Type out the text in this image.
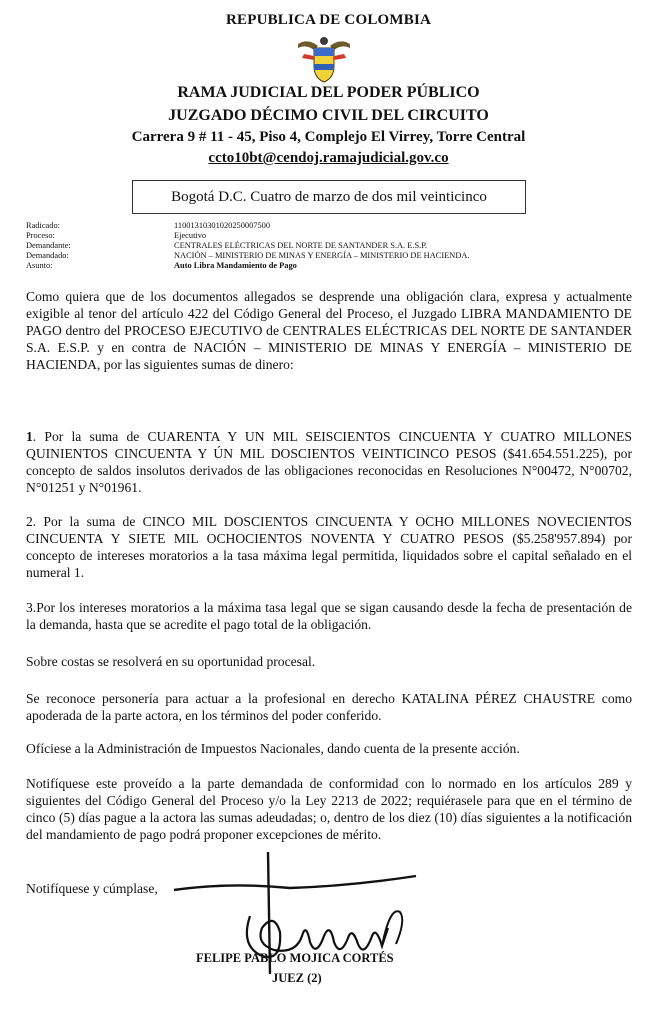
REPUBLICA DE COLOMBIA
RAMA JUDICIAL DEL PODER PÚBLICO
JUZGADO DÉCIMO CIVIL DEL CIRCUITO
Carrera 9 # 11 - 45, Piso 4, Complejo El Virrey, Torre Central
ccto10bt@cendoj.ramajudicial.gov.co
Bogotá D.C. Cuatro de marzo de dos mil veinticinco
Radicado:	11001310301020250007500
Proceso:	Ejecutivo
Demandante:	CENTRALES ELÉCTRICAS DEL NORTE DE SANTANDER S.A. E.S.P.
Demandado:	NACIÓN – MINISTERIO DE MINAS Y ENERGÍA – MINISTERIO DE HACIENDA.
Asunto:	Auto Libra Mandamiento de Pago
Como quiera que de los documentos allegados se desprende una obligación clara, expresa y actualmente exigible al tenor del artículo 422 del Código General del Proceso, el Juzgado LIBRA MANDAMIENTO DE PAGO dentro del PROCESO EJECUTIVO de CENTRALES ELÉCTRICAS DEL NORTE DE SANTANDER S.A. E.S.P. y en contra de NACIÓN – MINISTERIO DE MINAS Y ENERGÍA – MINISTERIO DE HACIENDA, por las siguientes sumas de dinero:
1. Por la suma de CUARENTA Y UN MIL SEISCIENTOS CINCUENTA Y CUATRO MILLONES QUINIENTOS CINCUENTA Y ÚN MIL DOSCIENTOS VEINTICINCO PESOS ($41.654.551.225), por concepto de saldos insolutos derivados de las obligaciones reconocidas en Resoluciones N°00472, N°00702, N°01251 y N°01961.
2. Por la suma de CINCO MIL DOSCIENTOS CINCUENTA Y OCHO MILLONES NOVECIENTOS CINCUENTA Y SIETE MIL OCHOCIENTOS NOVENTA Y CUATRO PESOS ($5.258'957.894) por concepto de intereses moratorios a la tasa máxima legal permitida, liquidados sobre el capital señalado en el numeral 1.
3.Por los intereses moratorios a la máxima tasa legal que se sigan causando desde la fecha de presentación de la demanda, hasta que se acredite el pago total de la obligación.
Sobre costas se resolverá en su oportunidad procesal.
Se reconoce personería para actuar a la profesional en derecho KATALINA PÉREZ CHAUSTRE como apoderada de la parte actora, en los términos del poder conferido.
Ofíciese a la Administración de Impuestos Nacionales, dando cuenta de la presente acción.
Notifíquese este proveído a la parte demandada de conformidad con lo normado en los artículos 289 y siguientes del Código General del Proceso y/o la Ley 2213 de 2022; requiérasele para que en el término de cinco (5) días pague a la actora las sumas adeudadas; o, dentro de los diez (10) días siguientes a la notificación del mandamiento de pago podrá proponer excepciones de mérito.
Notifíquese y cúmplase,
FELIPE PABLO MOJICA CORTÉS
JUEZ (2)
